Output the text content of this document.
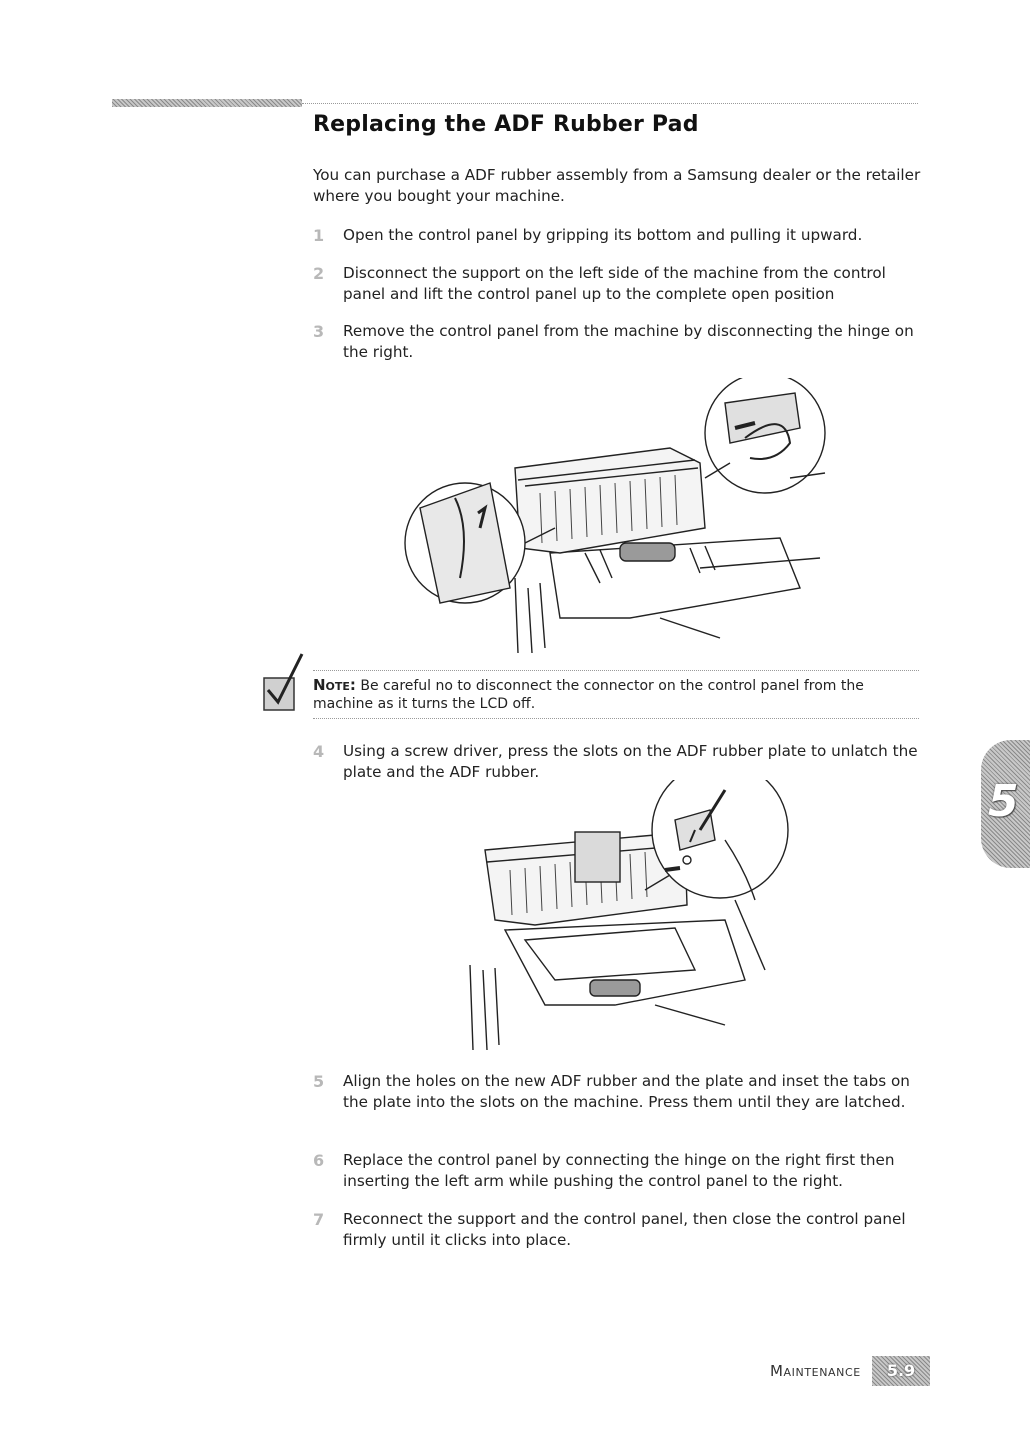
Replacing the ADF Rubber Pad

You can purchase a ADF rubber assembly from a Samsung dealer or the retailer where you bought your machine.

1 Open the control panel by gripping its bottom and pulling it upward.

2 Disconnect the support on the left side of the machine from the control panel and lift the control panel up to the complete open position

3 Remove the control panel from the machine by disconnecting the hinge on the right.

Note: Be careful no to disconnect the connector on the control panel from the machine as it turns the LCD off.

4 Using a screw driver, press the slots on the ADF rubber plate to unlatch the plate and the ADF rubber.

5 Align the holes on the new ADF rubber and the plate and inset the tabs on the plate into the slots on the machine. Press them until they are latched.

6 Replace the control panel by connecting the hinge on the right first then inserting the left arm while pushing the control panel to the right.

7 Reconnect the support and the control panel, then close the control panel firmly until it clicks into place.

5
Maintenance	5.9
